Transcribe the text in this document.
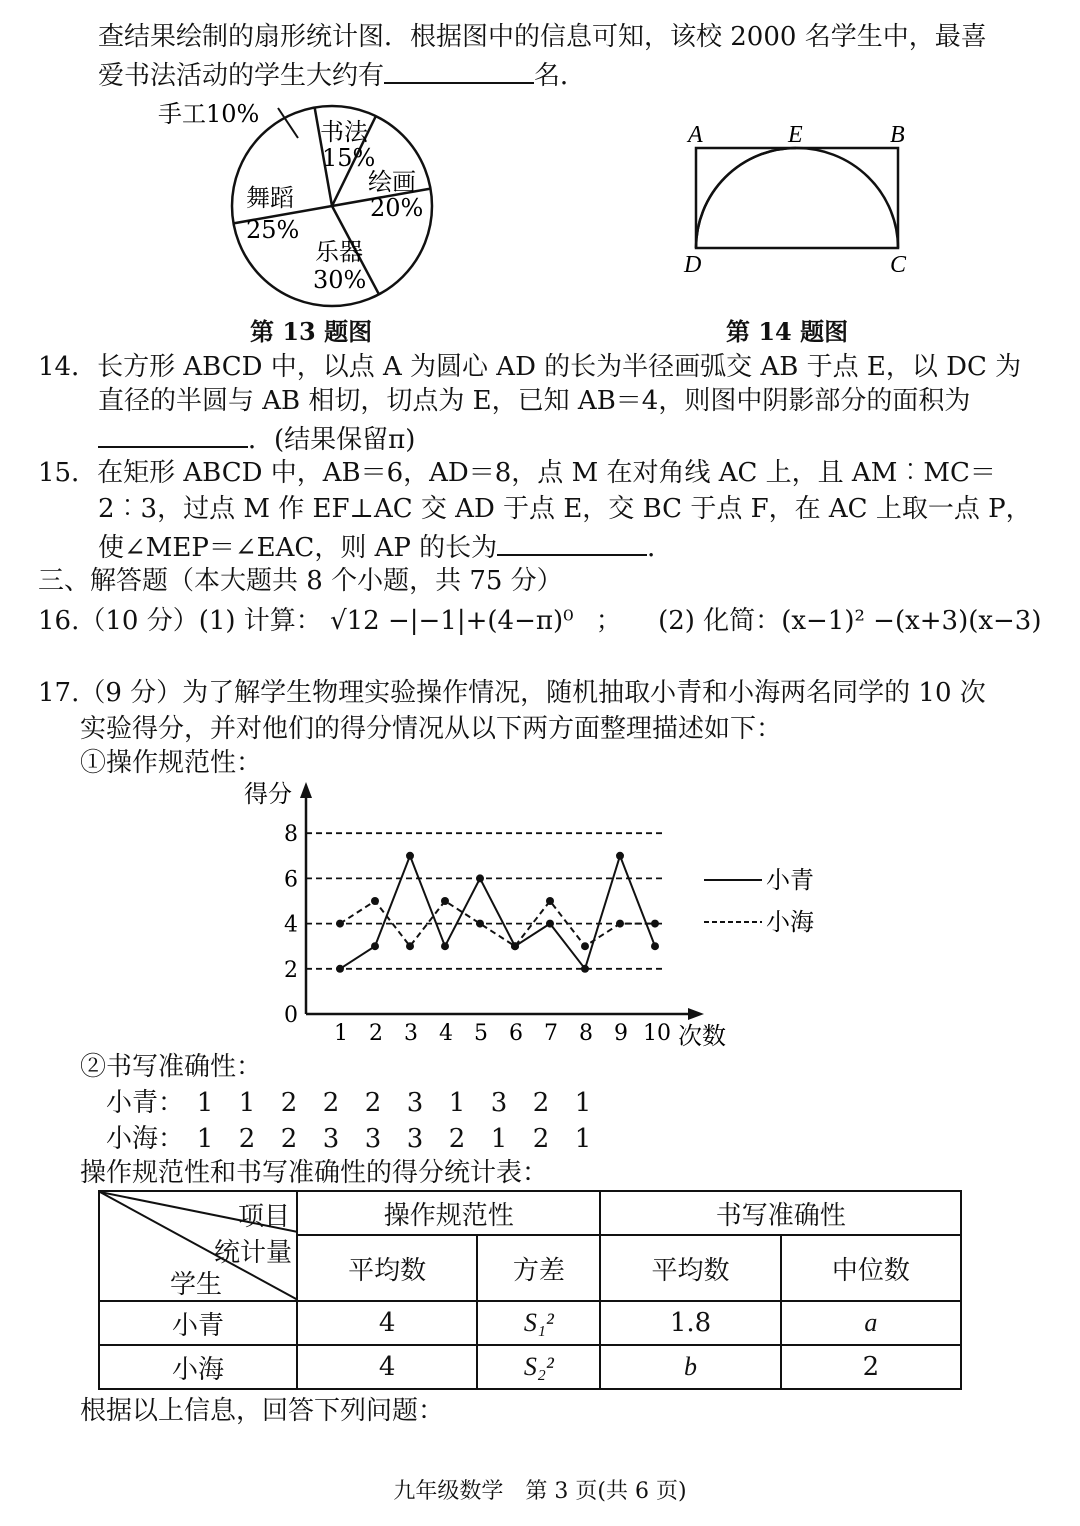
查结果绘制的扇形统计图．根据图中的信息可知，该校 2000 名学生中，最喜
爱书法活动的学生大约有	名．
手工10%
书法
15%
绘画
20%
乐器
30%
舞蹈
25%
第 13 题图
A	E	B
D	C
第 14 题图
14．长方形 ABCD 中，以点 A 为圆心 AD 的长为半径画弧交 AB 于点 E，以 DC 为
直径的半圆与 AB 相切，切点为 E，已知 AB＝4，则图中阴影部分的面积为
．(结果保留π)
15．在矩形 ABCD 中，AB＝6，AD＝8，点 M 在对角线 AC 上，且 AM︰MC＝
2︰3，过点 M 作 EF⊥AC 交 AD 于点 E，交 BC 于点 F，在 AC 上取一点 P，
使∠MEP＝∠EAC，则 AP 的长为	．
三、解答题（本大题共 8 个小题，共 75 分）
16.（10 分）(1) 计算： √12 −|−1|+(4−π)⁰ ； (2) 化简：(x−1)² −(x+3)(x−3)
17.（9 分）为了解学生物理实验操作情况，随机抽取小青和小海两名同学的 10 次
实验得分，并对他们的得分情况从以下两方面整理描述如下：
①操作规范性：
得分
次数
小青
小海
0
2
4
6
8
1 2 3 4 5 6 7 8 9 10
②书写准确性：
小青： 1 1 2 2 2 3 1 3 2 1
小海： 1 2 2 3 3 3 2 1 2 1
操作规范性和书写准确性的得分统计表：
项目
统计量
学生	操作规范性		书写准确性	
	平均数	方差	平均数	中位数
小青	4	S₁²	1.8	a
小海	4	S₂²	b	2
根据以上信息，回答下列问题：
九年级数学　第 3 页(共 6 页)
